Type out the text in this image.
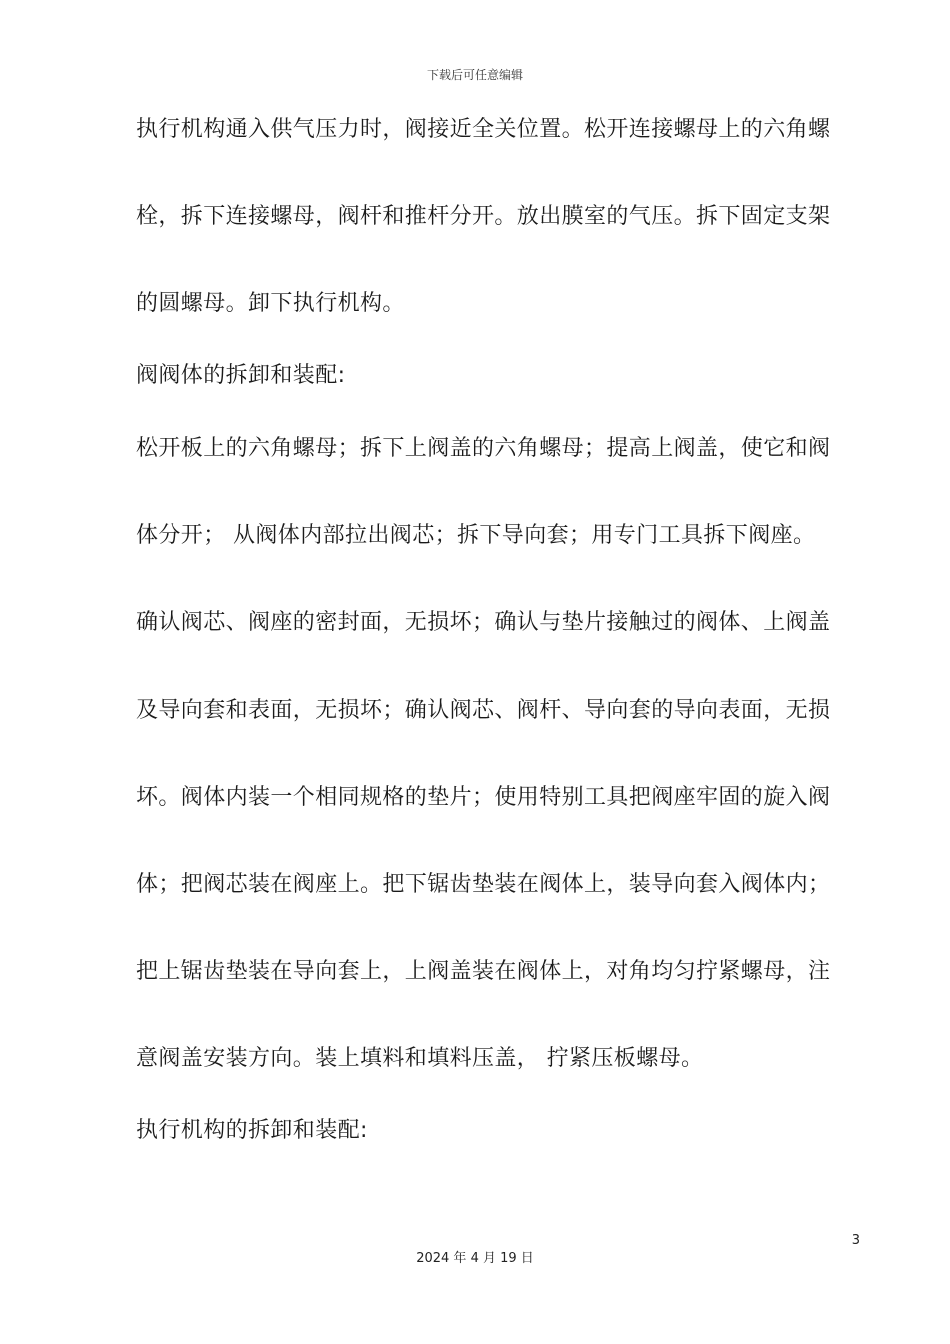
下载后可任意编辑
执行机构通入供气压力时，阀接近全关位置。松开连接螺母上的六角螺
栓，拆下连接螺母，阀杆和推杆分开。放出膜室的气压。拆下固定支架
的圆螺母。卸下执行机构。
阀阀体的拆卸和装配:
松开板上的六角螺母；拆下上阀盖的六角螺母；提高上阀盖，使它和阀
体分开； 从阀体内部拉出阀芯；拆下导向套；用专门工具拆下阀座。
确认阀芯、阀座的密封面，无损坏；确认与垫片接触过的阀体、上阀盖
及导向套和表面，无损坏；确认阀芯、阀杆、导向套的导向表面，无损
坏。阀体内装一个相同规格的垫片；使用特别工具把阀座牢固的旋入阀
体；把阀芯装在阀座上。把下锯齿垫装在阀体上，装导向套入阀体内；
把上锯齿垫装在导向套上，上阀盖装在阀体上，对角均匀拧紧螺母，注
意阀盖安装方向。装上填料和填料压盖， 拧紧压板螺母。
执行机构的拆卸和装配:
3
2024 年 4 月 19 日
